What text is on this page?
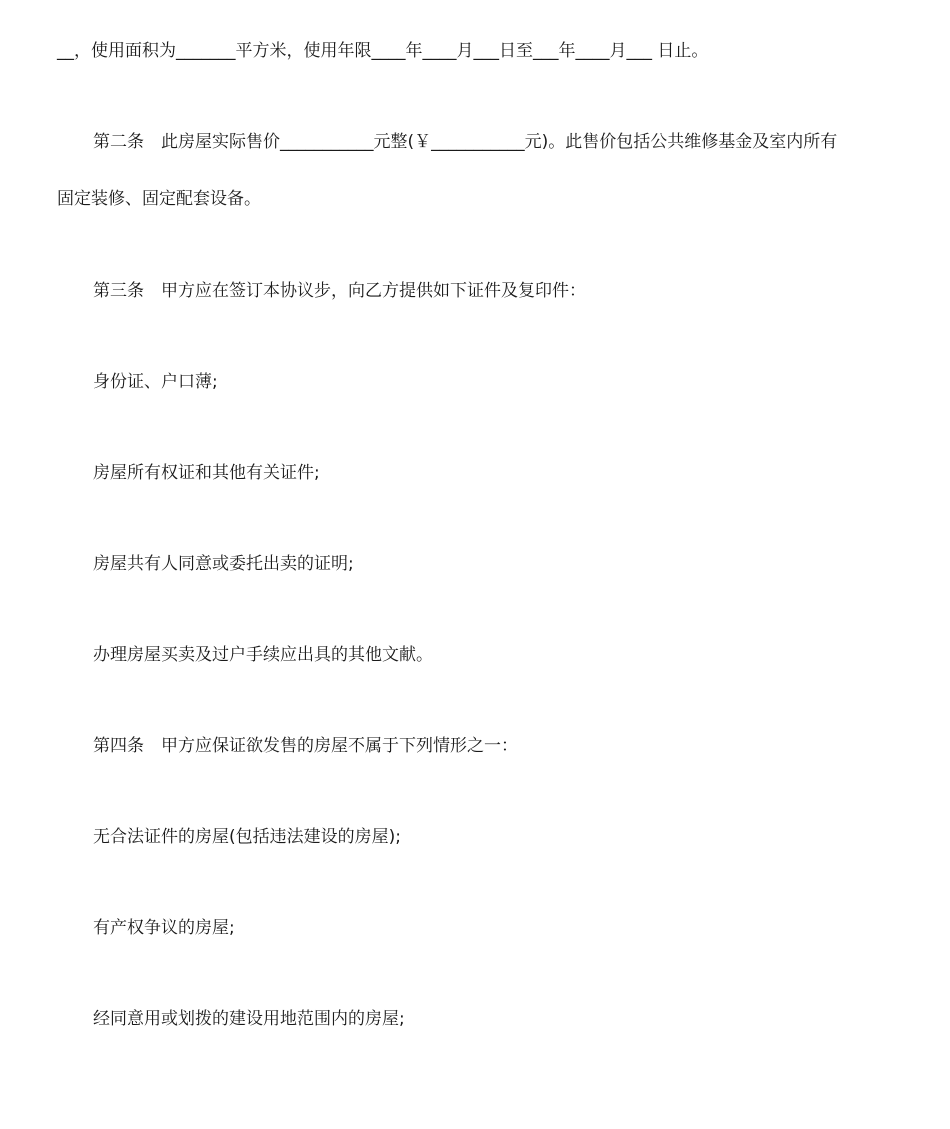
__，使用面积为_______平方米，使用年限____年____月___日至___年____月___ 日止。
第二条　此房屋实际售价___________元整(￥___________元)。此售价包括公共维修基金及室内所有
固定装修、固定配套设备。
第三条　甲方应在签订本协议步，向乙方提供如下证件及复印件：
身份证、户口薄;
房屋所有权证和其他有关证件;
房屋共有人同意或委托出卖的证明;
办理房屋买卖及过户手续应出具的其他文献。
第四条　甲方应保证欲发售的房屋不属于下列情形之一：
无合法证件的房屋(包括违法建设的房屋);
有产权争议的房屋;
经同意用或划拨的建设用地范围内的房屋;
